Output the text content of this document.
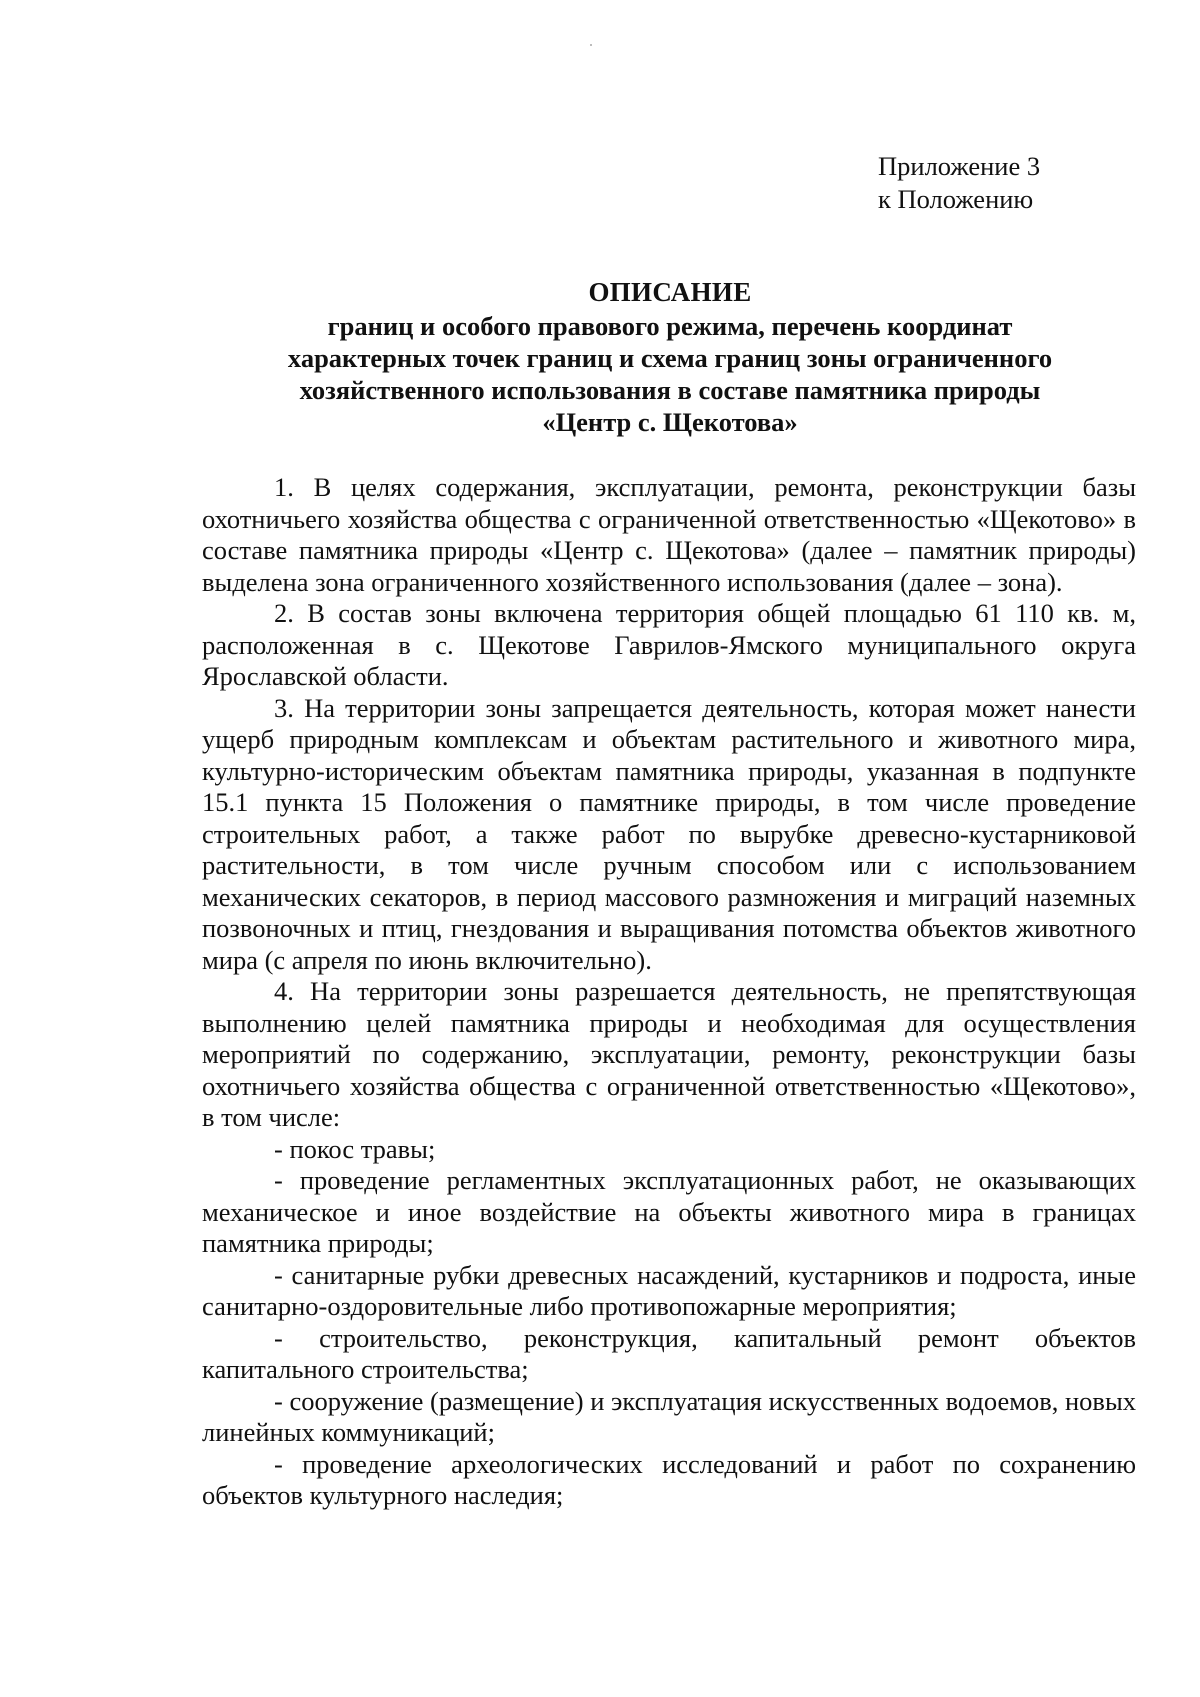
Приложение 3
к Положению
ОПИСАНИЕ
границ и особого правового режима, перечень координат
характерных точек границ и схема границ зоны ограниченного
хозяйственного использования в составе памятника природы
«Центр с. Щекотова»

1. В целях содержания, эксплуатации, ремонта, реконструкции базы охотничьего хозяйства общества с ограниченной ответственностью «Щекотово» в составе памятника природы «Центр с. Щекотова» (далее – памятник природы) выделена зона ограниченного хозяйственного использования (далее – зона).

2. В состав зоны включена территория общей площадью 61 110 кв. м, расположенная в с. Щекотове Гаврилов-Ямского муниципального округа Ярославской области.

3. На территории зоны запрещается деятельность, которая может нанести ущерб природным комплексам и объектам растительного и животного мира, культурно-историческим объектам памятника природы, указанная в подпункте 15.1 пункта 15 Положения о памятнике природы, в том числе проведение строительных работ, а также работ по вырубке древесно-кустарниковой растительности, в том числе ручным способом или с использованием механических секаторов, в период массового размножения и миграций наземных позвоночных и птиц, гнездования и выращивания потомства объектов животного мира (с апреля по июнь включительно).

4. На территории зоны разрешается деятельность, не препятствующая выполнению целей памятника природы и необходимая для осуществления мероприятий по содержанию, эксплуатации, ремонту, реконструкции базы охотничьего хозяйства общества с ограниченной ответственностью «Щекотово», в том числе:

- покос травы;

- проведение регламентных эксплуатационных работ, не оказывающих механическое и иное воздействие на объекты животного мира в границах памятника природы;

- санитарные рубки древесных насаждений, кустарников и подроста, иные санитарно-оздоровительные либо противопожарные мероприятия;

- строительство, реконструкция, капитальный ремонт объектов капитального строительства;

- сооружение (размещение) и эксплуатация искусственных водоемов, новых линейных коммуникаций;

- проведение археологических исследований и работ по сохранению объектов культурного наследия;
